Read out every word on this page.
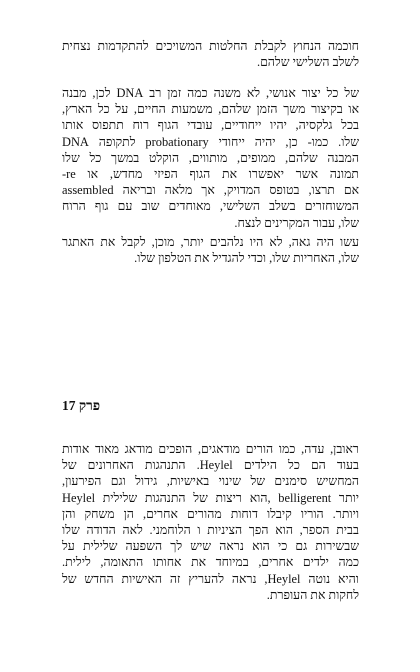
חוכמה הנחוץ לקבלת החלטות המשויכים להתקדמות נצחית
לשלב השלישי שלהם.
של כל יצור אנושי, לא משנה כמה זמן רב DNA לכן, מבנה
או בקיצור משך הזמן שלהם, משמעות החיים, על כל הארץ,
בכל גלקסיה, יהיו ייחודיים, עובדי הגוף רוח תתפוס אותו
שלו. כמו- כן, יהיה ייחודי probationary לתקופה DNA
המבנה שלהם, ממופים, מותווים, הוקלט במשך כל שלו
-re תמונה אשר יאפשרו את הגוף הפיזי מחדש, או
אם תרצו, בטופס המדויק, אך מלאה ובריאה assembled
המשוחזרים בשלב השלישי, מאוחדים שוב עם גוף הרוח
שלו, עבור המקרינים לנצח.
עשו היה גאה, לא היו נלהבים יותר, מוכן, לקבל את האתגר
שלו, האחריות שלו, וכדי להגדיל את הטלפון שלו.
פרק 17
ראובן, עדה, כמו הורים מודאגים, הופכים מודאג מאוד אודות
בעוד הם כל הילדים Heylel. התנהגות האחרונים של
המחשיש סימנים של שינוי באישיות, גידול וגם הפירעון,
יותר belligerent ,הוא ריצות של התנהגות שלילית Heylel
ויותר. הוריו קיבלו דוחות מהורים אחרים, הן משחק והן
בבית הספר, הוא הפך הציניות ו הלוחמני. לאה הדודה שלו
שבשירות גם כי הוא נראה שיש לך השפעה שלילית על
כמה ילדים אחרים, במיוחד את אחותו התאומה, לילית.
והיא נוטה Heylel, נראה להעריץ זה האישיות החדש של
לחקות את העופרת.
